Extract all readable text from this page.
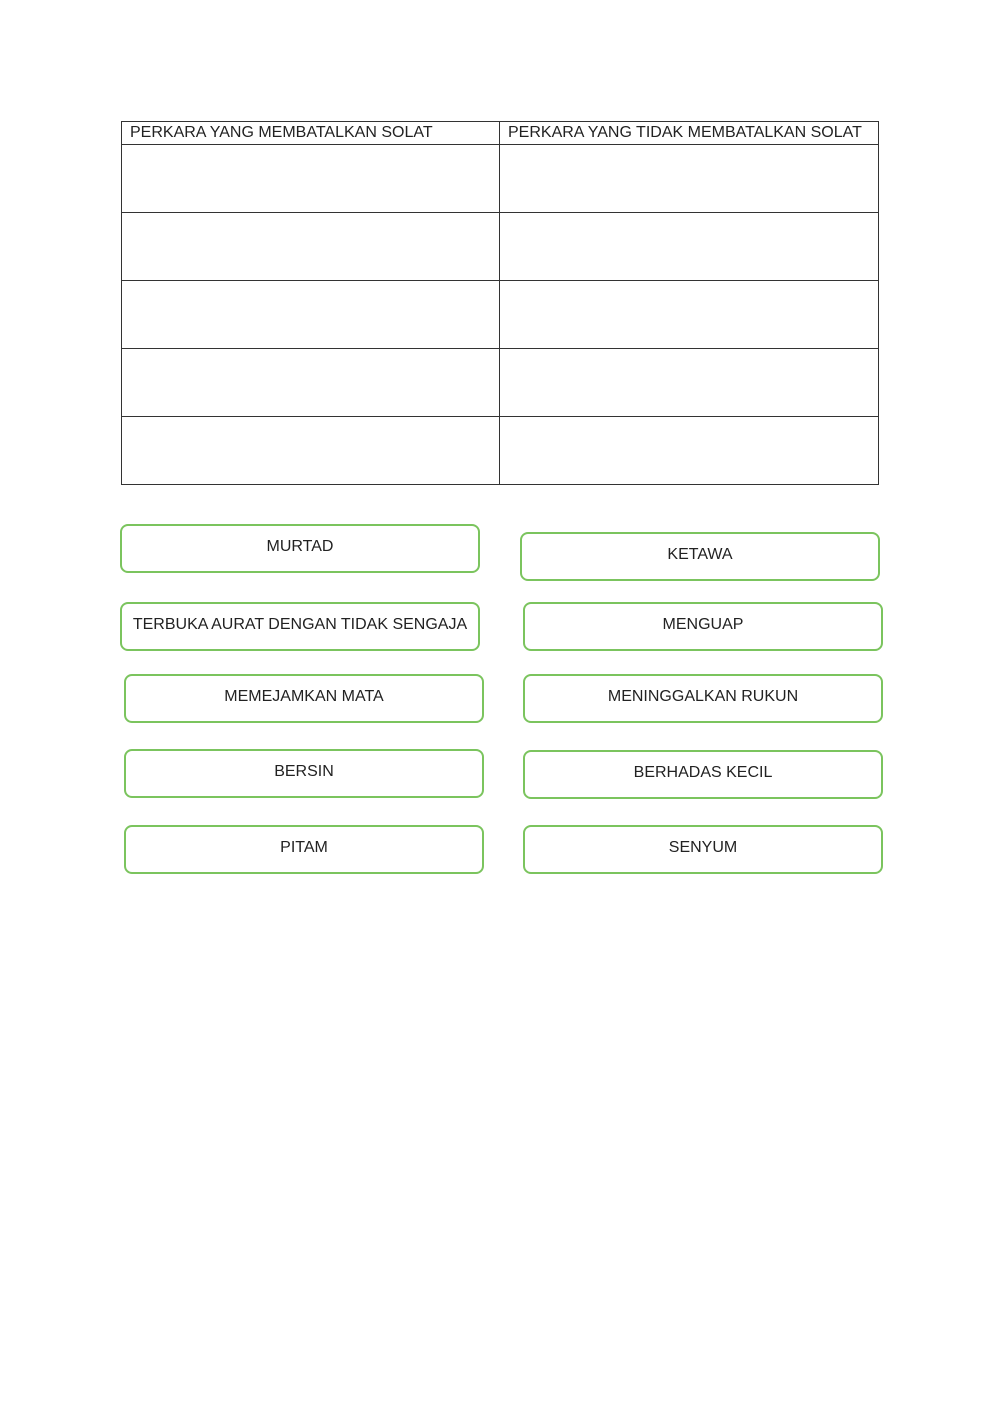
PERKARA YANG MEMBATALKAN SOLAT	PERKARA YANG TIDAK MEMBATALKAN SOLAT

MURTAD	KETAWA
TERBUKA AURAT DENGAN TIDAK SENGAJA	MENGUAP
MEMEJAMKAN MATA	MENINGGALKAN RUKUN
BERSIN	BERHADAS KECIL
PITAM	SENYUM
